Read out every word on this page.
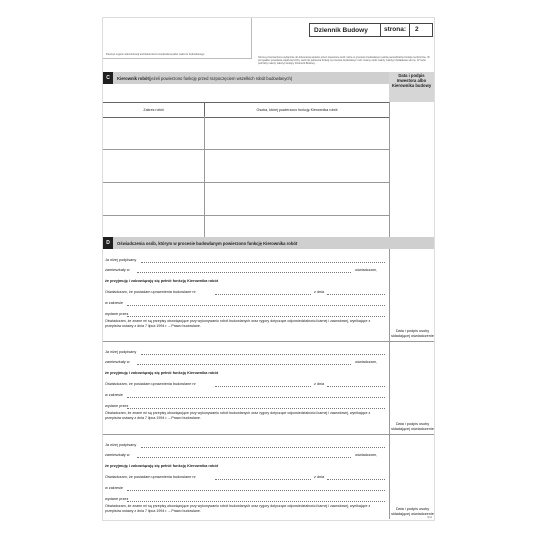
Pieczęć organu administracji architektoniczno-budowlanej albo nadzoru budowlanego
Dziennik Budowy	strona:	2
Strona przeznaczona wyłącznie do dokonania wpisów przez inwestora osób, które w procesie budowlanym pełnią samodzielne funkcje techniczne. W przypadku powołania większej liczby osób do pełnienia funkcji w procesie budowlanym lub zmiany osób należy założyć dodatkowe strony. W razie potrzeby należy założyć kolejny Dziennik Budowy.
C	Kierownik robót (jeżeli powierzono funkcję przed rozpoczęciem wszelkich robót budowlanych)	Data i podpis Inwestora albo Kierownika budowy
Zakres robót	Osoba, której powierzono funkcję Kierownika robót
D	Oświadczenia osób, którym w procesie budowlanym powierzono funkcję Kierownika robót
Ja niżej podpisany
zamieszkały w	oświadczam,
że przyjmuję i zobowiązuję się pełnić funkcję Kierownika robót
Oświadczam, że posiadam uprawnienia budowlane nr	z dnia
w zakresie
wydane przez
Oświadczam, że znane mi są przepisy obowiązujące przy wykonywaniu robót budowlanych oraz rygory dotyczące odpowiedzialności karnej i zawodowej, wynikające z przepisów ustawy z dnia 7 lipca 1994 r. – Prawo budowlane.
Data i podpis osoby składającej oświadczenie
Ja niżej podpisany
zamieszkały w	oświadczam,
że przyjmuję i zobowiązuję się pełnić funkcję Kierownika robót
Oświadczam, że posiadam uprawnienia budowlane nr	z dnia
w zakresie
wydane przez
Oświadczam, że znane mi są przepisy obowiązujące przy wykonywaniu robót budowlanych oraz rygory dotyczące odpowiedzialności karnej i zawodowej, wynikające z przepisów ustawy z dnia 7 lipca 1994 r. – Prawo budowlane.
Data i podpis osoby składającej oświadczenie
Ja niżej podpisany
zamieszkały w	oświadczam,
że przyjmuję i zobowiązuję się pełnić funkcję Kierownika robót
Oświadczam, że posiadam uprawnienia budowlane nr	z dnia
w zakresie
wydane przez
Oświadczam, że znane mi są przepisy obowiązujące przy wykonywaniu robót budowlanych oraz rygory dotyczące odpowiedzialności karnej i zawodowej, wynikające z przepisów ustawy z dnia 7 lipca 1994 r. – Prawo budowlane.	Data i podpis osoby składającej oświadczenie
druk
